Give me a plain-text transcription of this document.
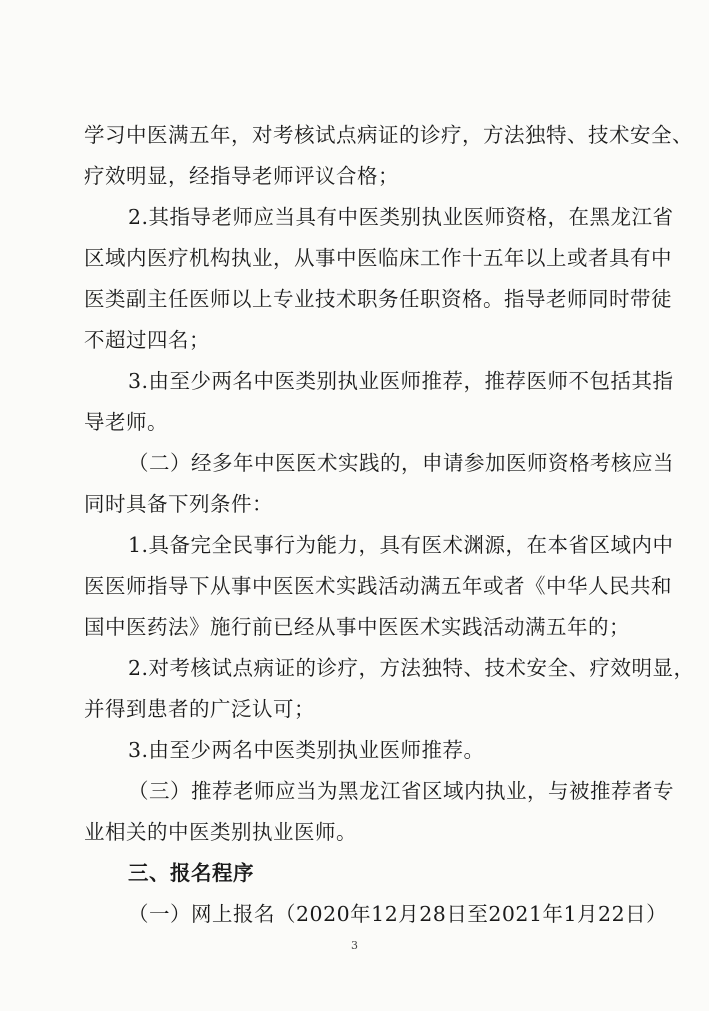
学习中医满五年，对考核试点病证的诊疗，方法独特、技术安全、
疗效明显，经指导老师评议合格；
2.其指导老师应当具有中医类别执业医师资格，在黑龙江省
区域内医疗机构执业，从事中医临床工作十五年以上或者具有中
医类副主任医师以上专业技术职务任职资格。指导老师同时带徒
不超过四名；
3.由至少两名中医类别执业医师推荐，推荐医师不包括其指
导老师。
（二）经多年中医医术实践的，申请参加医师资格考核应当
同时具备下列条件：
1.具备完全民事行为能力，具有医术渊源，在本省区域内中
医医师指导下从事中医医术实践活动满五年或者《中华人民共和
国中医药法》施行前已经从事中医医术实践活动满五年的；
2.对考核试点病证的诊疗，方法独特、技术安全、疗效明显，
并得到患者的广泛认可；
3.由至少两名中医类别执业医师推荐。
（三）推荐老师应当为黑龙江省区域内执业，与被推荐者专
业相关的中医类别执业医师。
三、报名程序
（一）网上报名（2020年12月28日至2021年1月22日）
3
